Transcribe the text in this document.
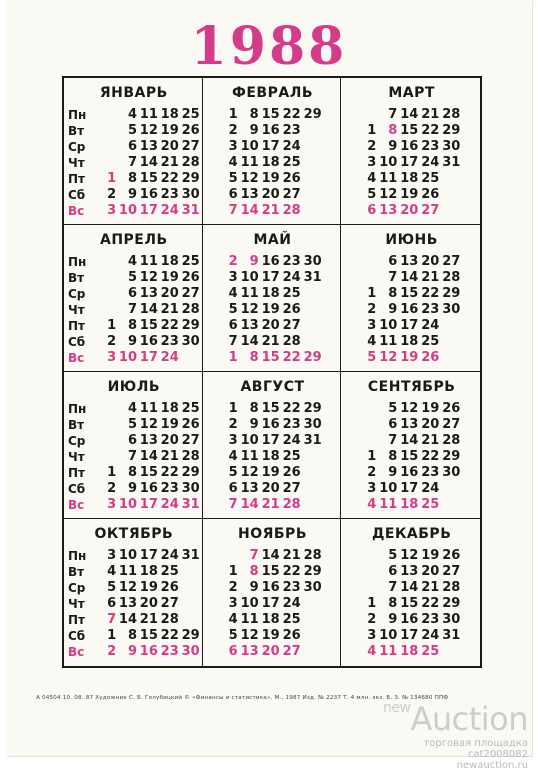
1988
ЯНВАРЬ
Пн		4	11	18	25
Вт		5	12	19	26
Ср		6	13	20	27
Чт		7	14	21	28
Пт	1	8	15	22	29
Сб	2	9	16	23	30
Вс	3	10	17	24	31
ФЕВРАЛЬ
	1	8	15	22	29
	2	9	16	23	
	3	10	17	24	
	4	11	18	25	
	5	12	19	26	
	6	13	20	27	
	7	14	21	28	
МАРТ
		7	14	21	28
	1	8	15	22	29
	2	9	16	23	30
	3	10	17	24	31
	4	11	18	25	
	5	12	19	26	
	6	13	20	27	
АПРЕЛЬ
Пн		4	11	18	25
Вт		5	12	19	26
Ср		6	13	20	27
Чт		7	14	21	28
Пт	1	8	15	22	29
Сб	2	9	16	23	30
Вс	3	10	17	24	
МАЙ
	2	9	16	23	30
	3	10	17	24	31
	4	11	18	25	
	5	12	19	26	
	6	13	20	27	
	7	14	21	28	
	1	8	15	22	29
ИЮНЬ
		6	13	20	27
		7	14	21	28
	1	8	15	22	29
	2	9	16	23	30
	3	10	17	24	
	4	11	18	25	
	5	12	19	26	
ИЮЛЬ
Пн		4	11	18	25
Вт		5	12	19	26
Ср		6	13	20	27
Чт		7	14	21	28
Пт	1	8	15	22	29
Сб	2	9	16	23	30
Вс	3	10	17	24	31
АВГУСТ
	1	8	15	22	29
	2	9	16	23	30
	3	10	17	24	31
	4	11	18	25	
	5	12	19	26	
	6	13	20	27	
	7	14	21	28	
СЕНТЯБРЬ
		5	12	19	26
		6	13	20	27
		7	14	21	28
	1	8	15	22	29
	2	9	16	23	30
	3	10	17	24	
	4	11	18	25	
ОКТЯБРЬ
Пн	3	10	17	24	31
Вт	4	11	18	25	
Ср	5	12	19	26	
Чт	6	13	20	27	
Пт	7	14	21	28	
Сб	1	8	15	22	29
Вс	2	9	16	23	30
НОЯБРЬ
		7	14	21	28
	1	8	15	22	29
	2	9	16	23	30
	3	10	17	24	
	4	11	18	25	
	5	12	19	26	
	6	13	20	27	
ДЕКАБРЬ
		5	12	19	26
		6	13	20	27
		7	14	21	28
	1	8	15	22	29
	2	9	16	23	30
	3	10	17	24	31
	4	11	18	25	
А 04504 10. 08. 87 Художник С. Б. Голубицкий © «Финансы и статистика», М., 1987 Изд. № 2237 Т. 4 млн. экз. Б. 3. № 134680 ППФ
$^{new}$Auction
торговая площадка
cat2008082
newauction.ru
